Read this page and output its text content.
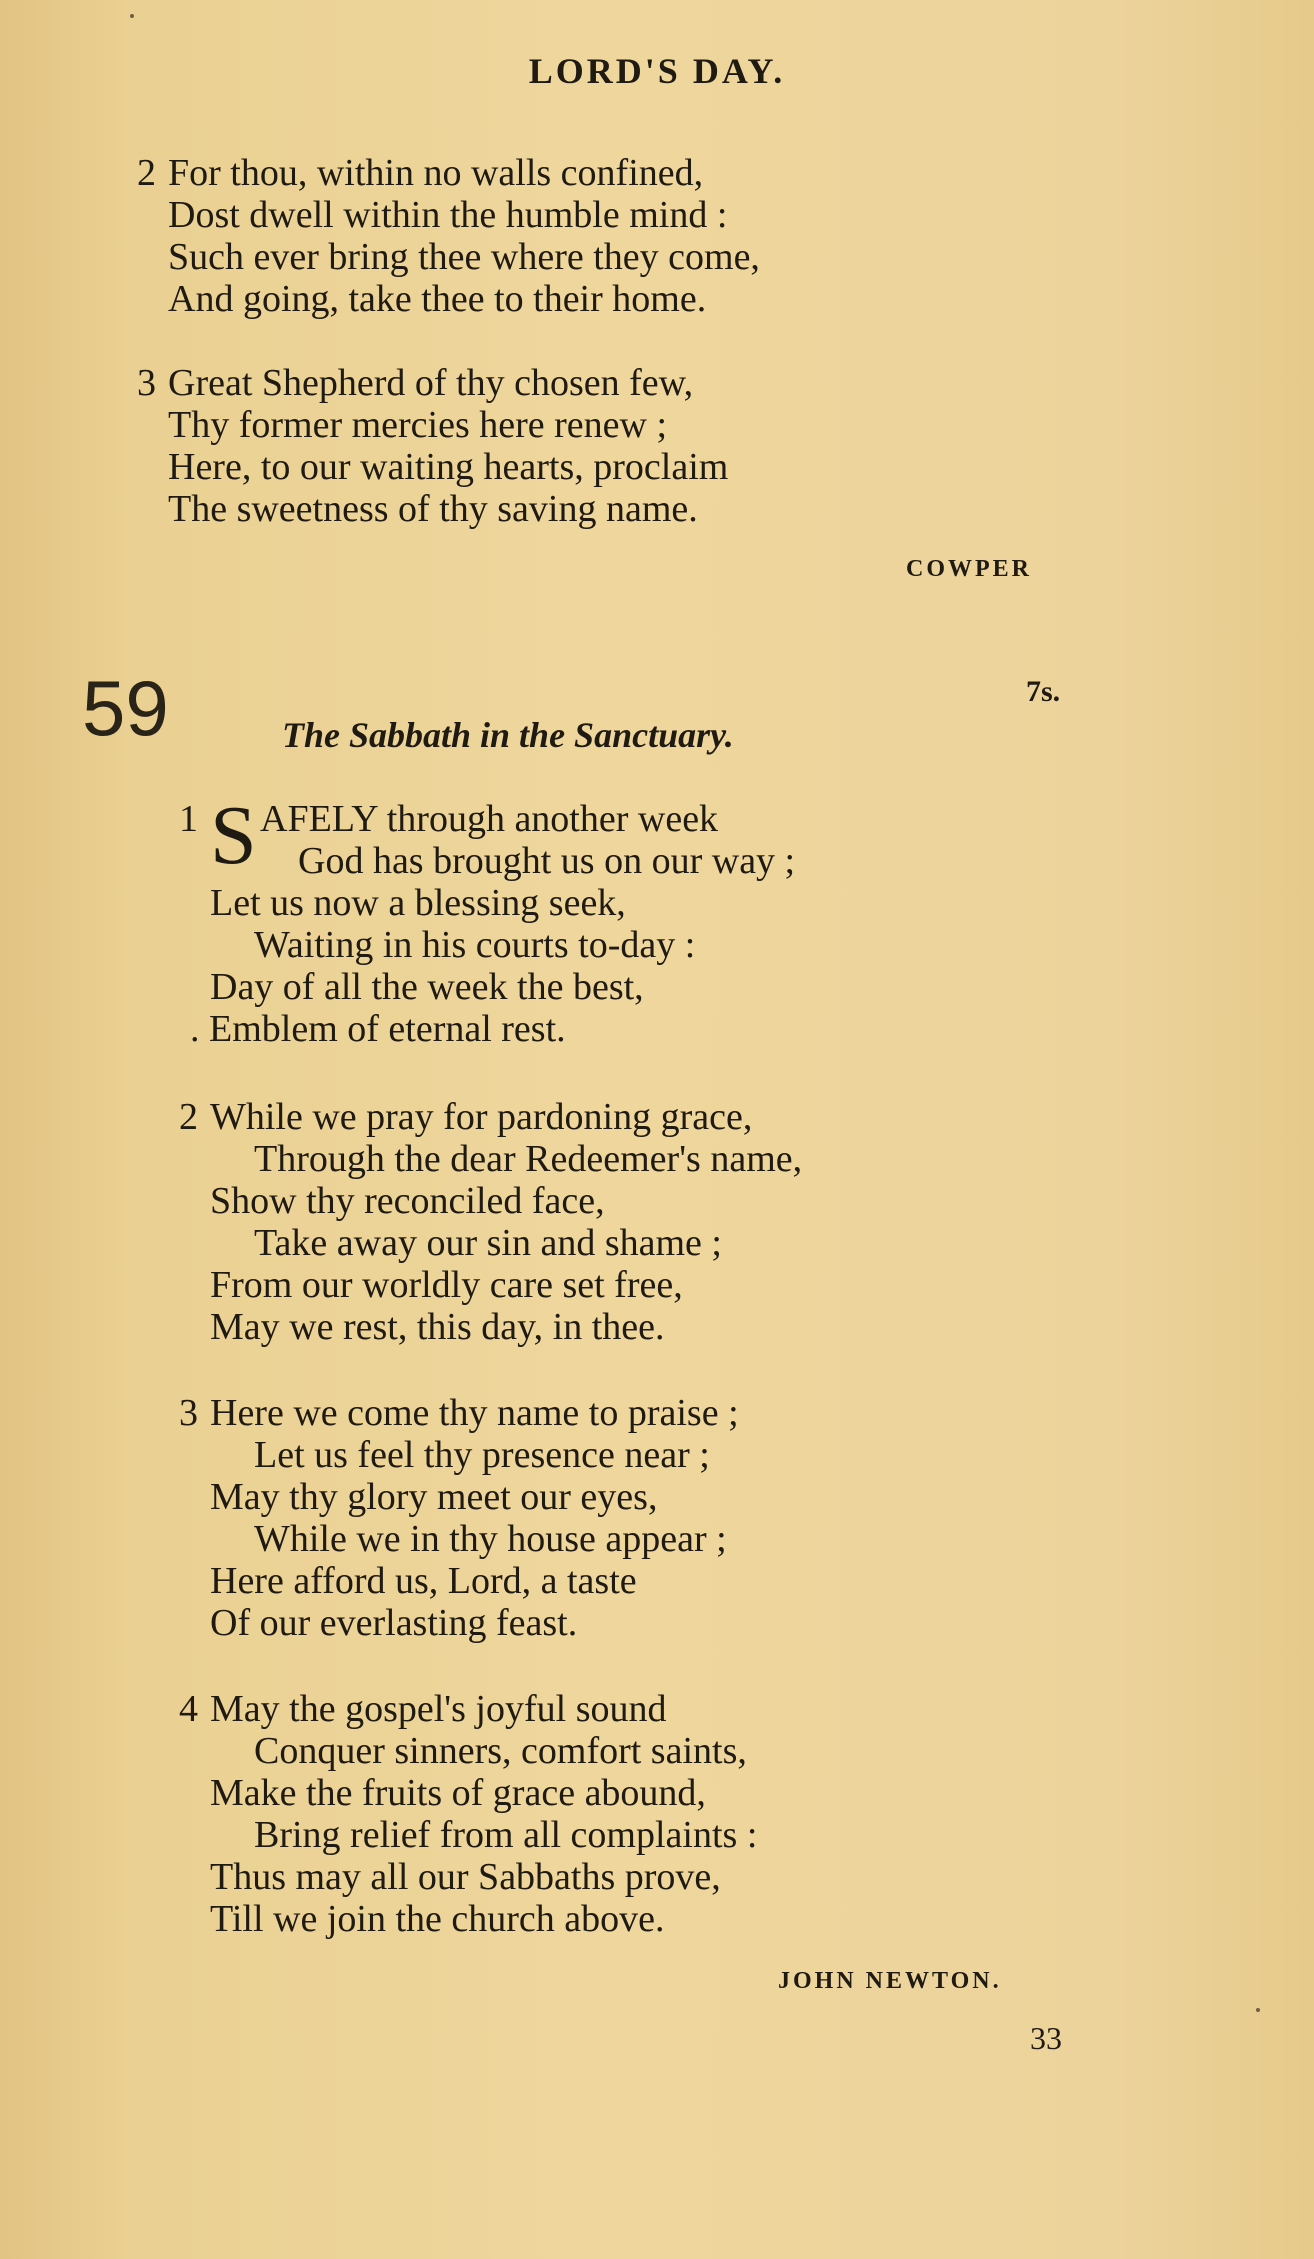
LORD'S DAY.
2 For thou, within no walls confined,
Dost dwell within the humble mind :
Such ever bring thee where they come,
And going, take thee to their home.
3 Great Shepherd of thy chosen few,
Thy former mercies here renew ;
Here, to our waiting hearts, proclaim
The sweetness of thy saving name.
COWPER
59	7s.
The Sabbath in the Sanctuary.
1 S AFELY through another week
God has brought us on our way ;
Let us now a blessing seek,
Waiting in his courts to-day :
Day of all the week the best,
. Emblem of eternal rest.
2 While we pray for pardoning grace,
Through the dear Redeemer's name,
Show thy reconciled face,
Take away our sin and shame ;
From our worldly care set free,
May we rest, this day, in thee.
3 Here we come thy name to praise ;
Let us feel thy presence near ;
May thy glory meet our eyes,
While we in thy house appear ;
Here afford us, Lord, a taste
Of our everlasting feast.
4 May the gospel's joyful sound
Conquer sinners, comfort saints,
Make the fruits of grace abound,
Bring relief from all complaints :
Thus may all our Sabbaths prove,
Till we join the church above.
JOHN NEWTON.
33
